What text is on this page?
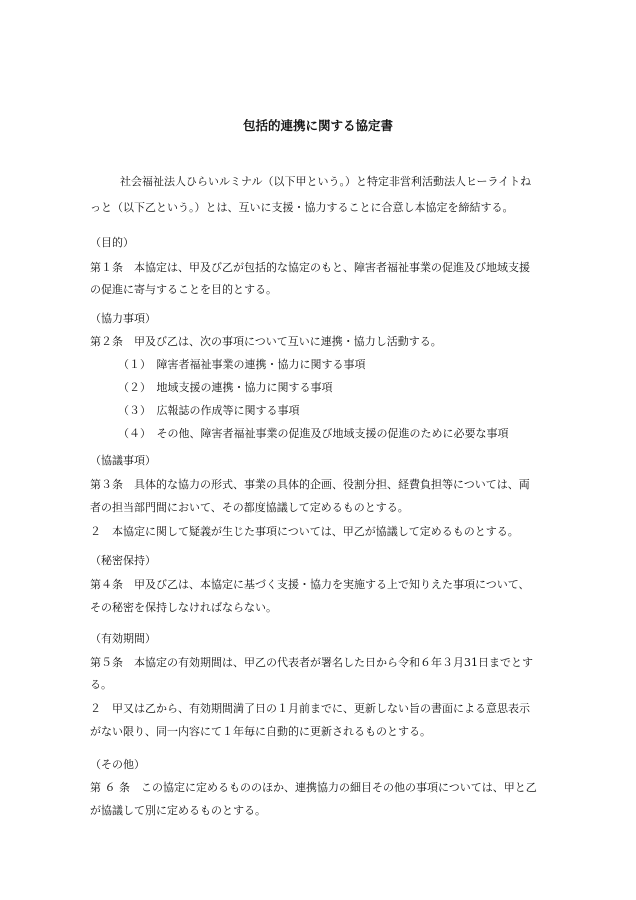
包括的連携に関する協定書

社会福祉法人ひらいルミナル（以下甲という。）と特定非営利活動法人ヒーライトね

っと（以下乙という。）とは、互いに支援・協力することに合意し本協定を締結する。

（目的）

第１条　本協定は、甲及び乙が包括的な協定のもと、障害者福祉事業の促進及び地域支援

の促進に寄与することを目的とする。

（協力事項）

第２条　甲及び乙は、次の事項について互いに連携・協力し活動する。

（１）　障害者福祉事業の連携・協力に関する事項

（２）　地域支援の連携・協力に関する事項

（３）　広報誌の作成等に関する事項

（４）　その他、障害者福祉事業の促進及び地域支援の促進のために必要な事項

（協議事項）

第３条　具体的な協力の形式、事業の具体的企画、役割分担、経費負担等については、両

者の担当部門間において、その都度協議して定めるものとする。

２　本協定に関して疑義が生じた事項については、甲乙が協議して定めるものとする。

（秘密保持）

第４条　甲及び乙は、本協定に基づく支援・協力を実施する上で知りえた事項について、

その秘密を保持しなければならない。

（有効期間）

第５条　本協定の有効期間は、甲乙の代表者が署名した日から令和６年３月31日までとす

る。

２　甲又は乙から、有効期間満了日の１月前までに、更新しない旨の書面による意思表示

がない限り、同一内容にて１年毎に自動的に更新されるものとする。

（その他）

第 ６ 条　この協定に定めるもののほか、連携協力の細目その他の事項については、甲と乙

が協議して別に定めるものとする。
